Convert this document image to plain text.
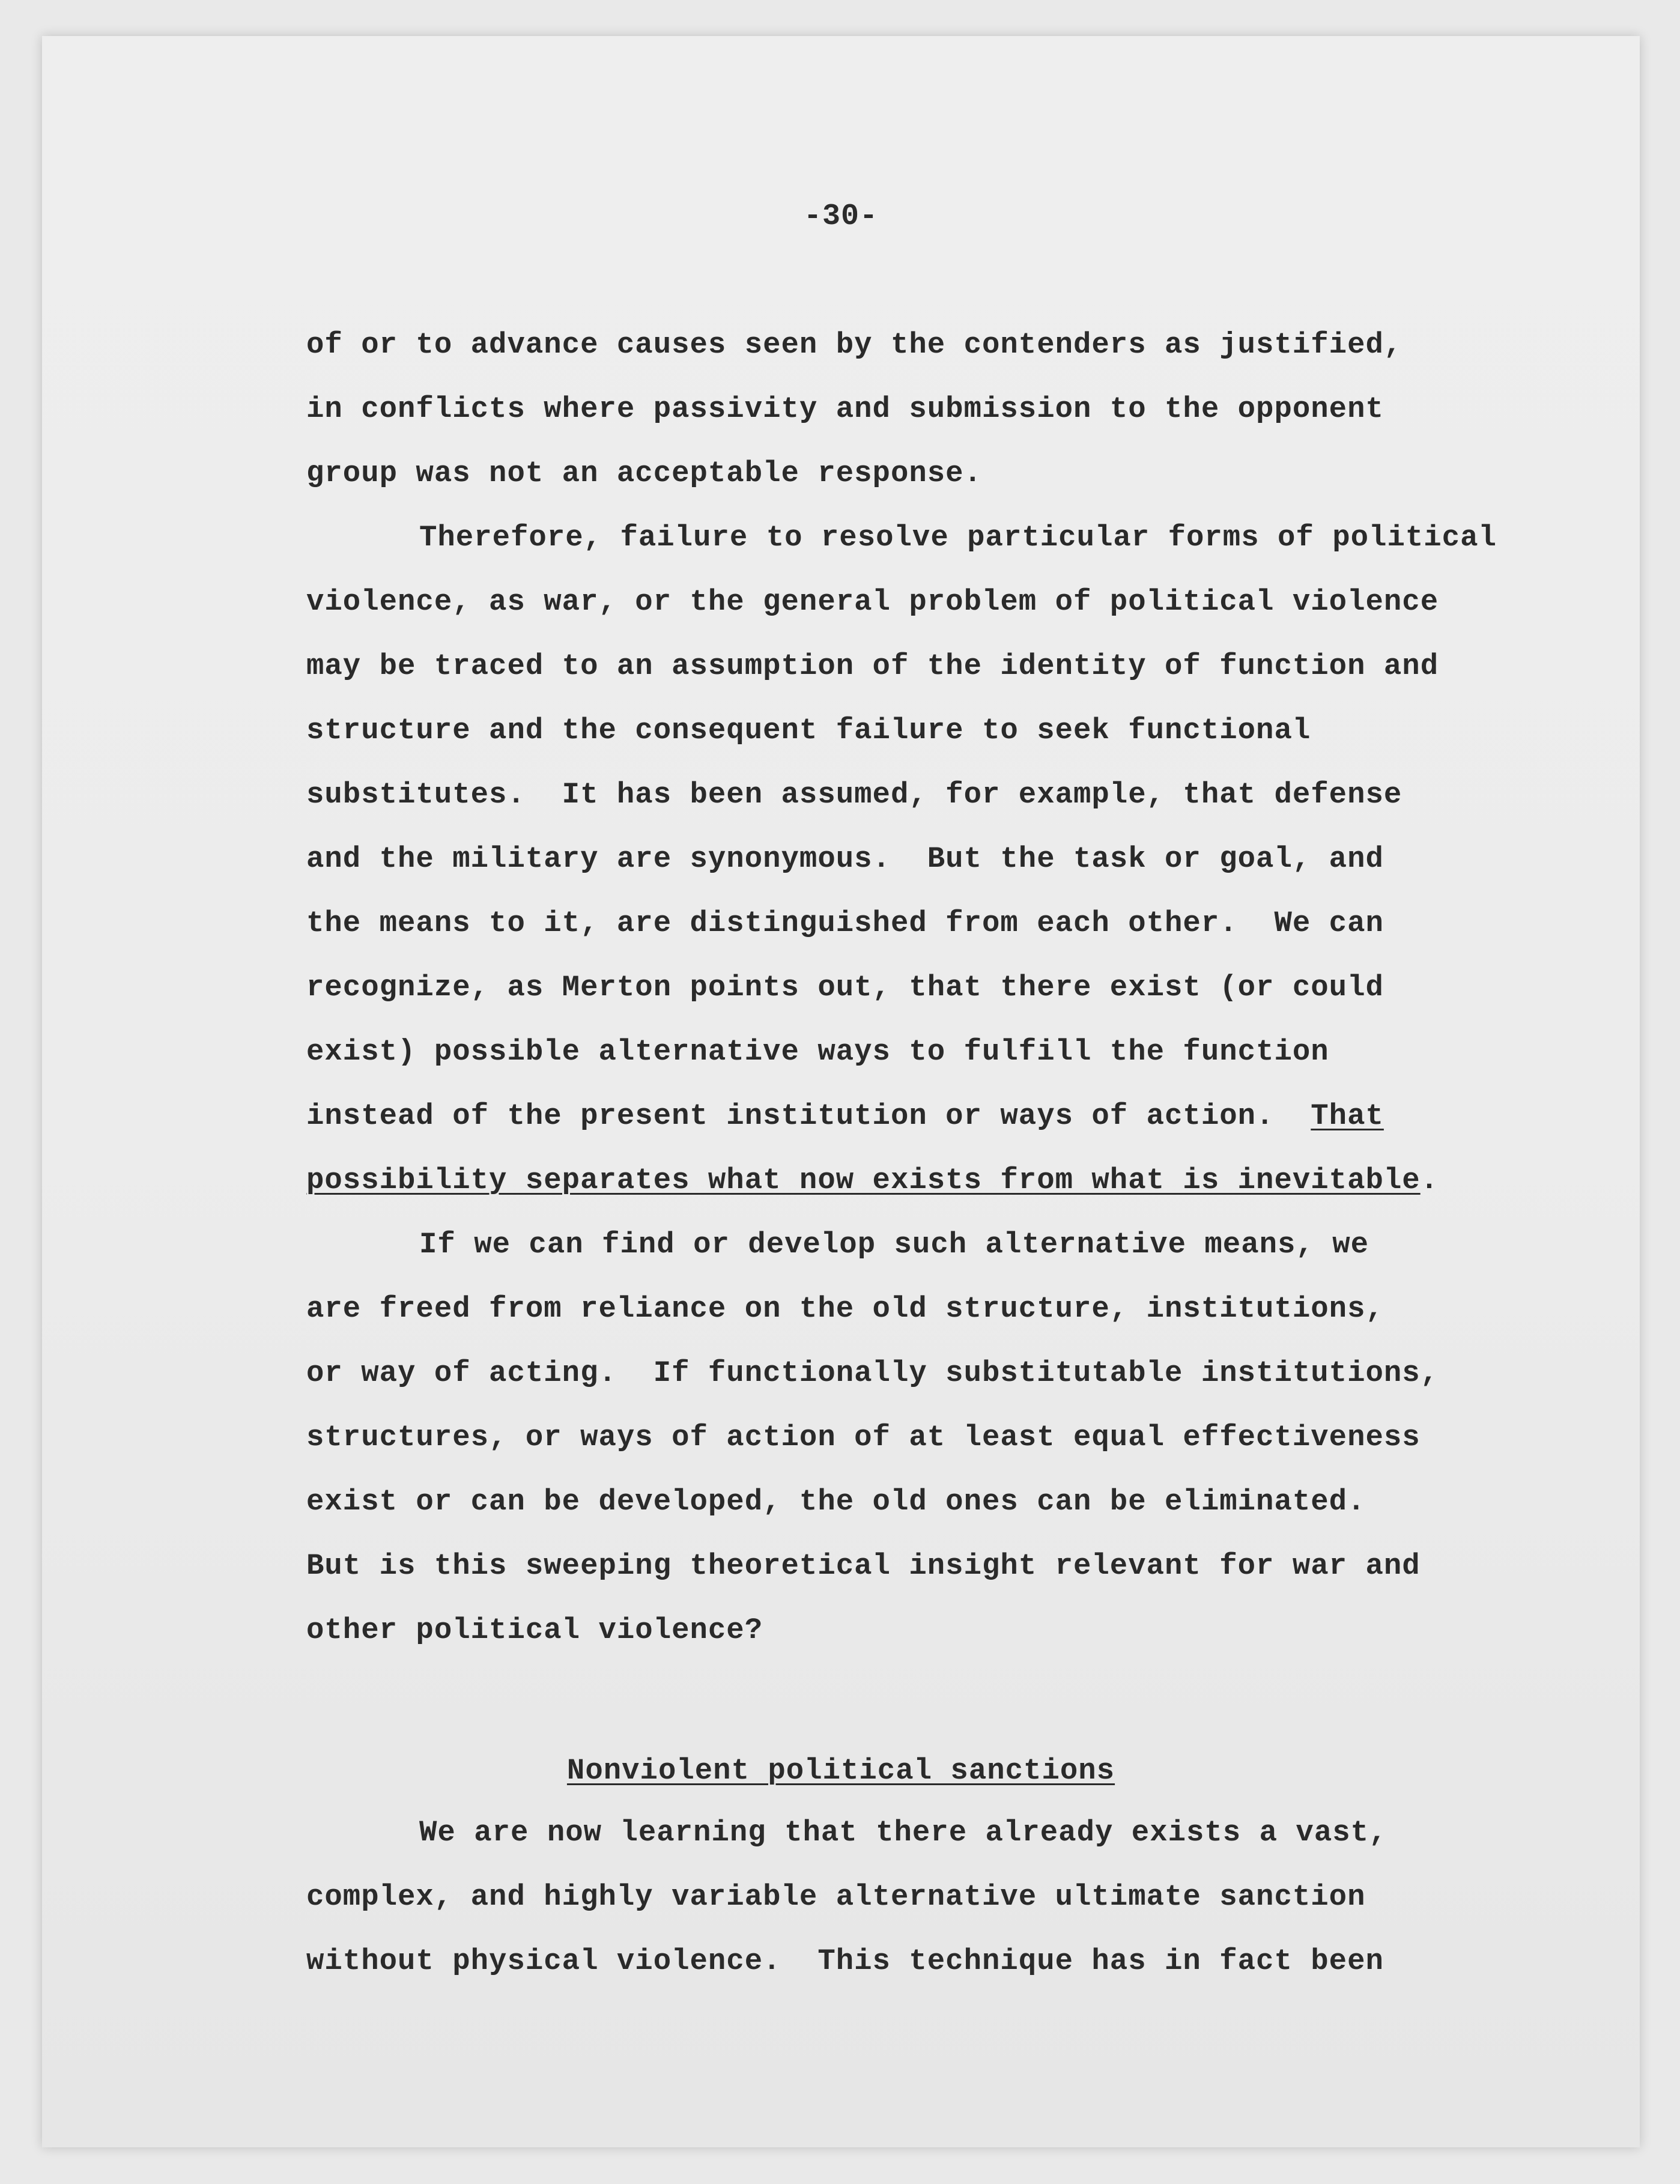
-30-
of or to advance causes seen by the contenders as justified,
in conflicts where passivity and submission to the opponent
group was not an acceptable response.
Therefore, failure to resolve particular forms of political
violence, as war, or the general problem of political violence
may be traced to an assumption of the identity of function and
structure and the consequent failure to seek functional
substitutes.  It has been assumed, for example, that defense
and the military are synonymous.  But the task or goal, and
the means to it, are distinguished from each other.  We can
recognize, as Merton points out, that there exist (or could
exist) possible alternative ways to fulfill the function
instead of the present institution or ways of action.  That
possibility separates what now exists from what is inevitable.
If we can find or develop such alternative means, we
are freed from reliance on the old structure, institutions,
or way of acting.  If functionally substitutable institutions,
structures, or ways of action of at least equal effectiveness
exist or can be developed, the old ones can be eliminated.
But is this sweeping theoretical insight relevant for war and
other political violence?
Nonviolent political sanctions
We are now learning that there already exists a vast,
complex, and highly variable alternative ultimate sanction
without physical violence.  This technique has in fact been
